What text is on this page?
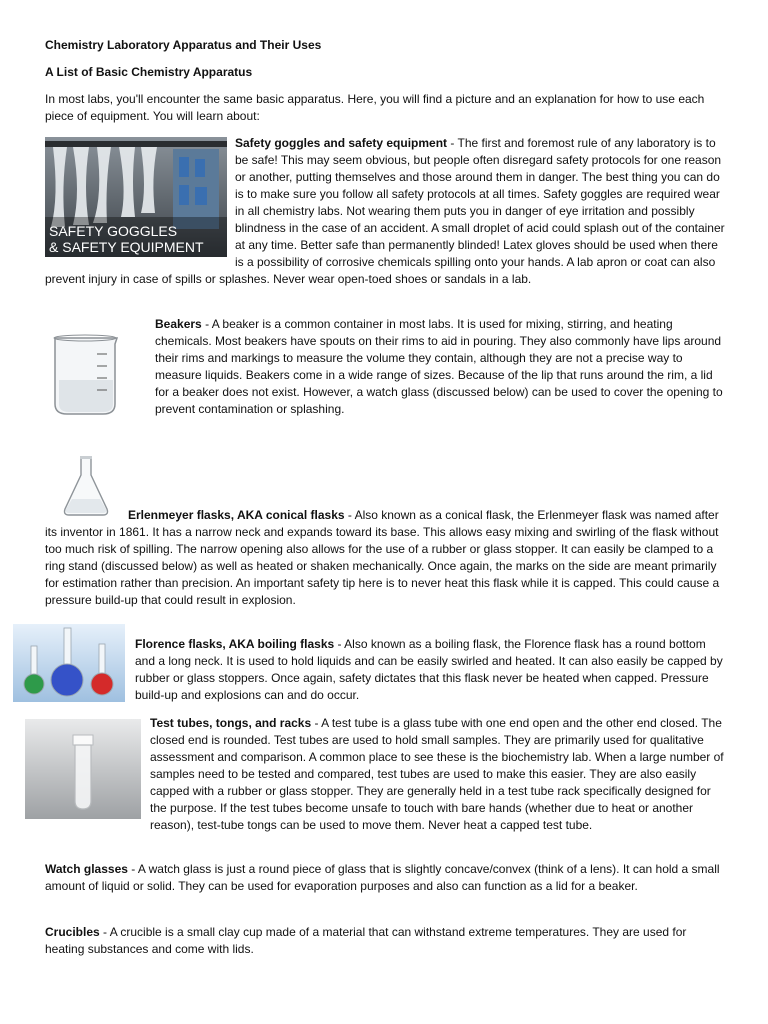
Chemistry Laboratory Apparatus and Their Uses

A List of Basic Chemistry Apparatus

In most labs, you'll encounter the same basic apparatus. Here, you will find a picture and an explanation for how to use each piece of equipment. You will learn about:

SAFETY GOGGLES
& SAFETY EQUIPMENT

Safety goggles and safety equipment - The first and foremost rule of any laboratory is to be safe! This may seem obvious, but people often disregard safety protocols for one reason or another, putting themselves and those around them in danger. The best thing you can do is to make sure you follow all safety protocols at all times. Safety goggles are required wear in all chemistry labs. Not wearing them puts you in danger of eye irritation and possibly blindness in the case of an accident. A small droplet of acid could splash out of the container at any time. Better safe than permanently blinded! Latex gloves should be used when there is a possibility of corrosive chemicals spilling onto your hands. A lab apron or coat can also prevent injury in case of spills or splashes. Never wear open-toed shoes or sandals in a lab.

Beakers
- A beaker is a common container in most labs. It is used for mixing, stirring, and heating chemicals. Most beakers have spouts on their rims to aid in pouring. They also commonly have lips around their rims and markings to measure the volume they contain, although they are not a precise way to measure liquids. Beakers come in a wide range of sizes. Because of the lip that runs around the rim, a lid for a beaker does not exist. However, a watch glass (discussed below) can be used to cover the opening to prevent contamination or splashing.

Erlenmeyer flasks, AKA conical flasks - Also known as a conical flask, the Erlenmeyer flask was named after its inventor in 1861. It has a narrow neck and expands toward its base. This allows easy mixing and swirling of the flask without too much risk of spilling. The narrow opening also allows for the use of a rubber or glass stopper. It can easily be clamped to a ring stand (discussed below) as well as heated or shaken mechanically. Once again, the marks on the side are meant primarily for estimation rather than precision. An important safety tip here is to never heat this flask while it is capped. This could cause a pressure build-up that could result in explosion.

Florence flasks, AKA boiling flasks - Also known as a boiling flask, the Florence flask has a round bottom and a long neck. It is used to hold liquids and can be easily swirled and heated. It can also easily be capped by rubber or glass stoppers. Once again, safety dictates that this flask never be heated when capped. Pressure build-up and explosions can and do occur.

Test tubes, tongs, and racks - A test tube is a glass tube with one end open and the other end closed. The closed end is rounded. Test tubes are used to hold small samples. They are primarily used for qualitative assessment and comparison. A common place to see these is the biochemistry lab. When a large number of samples need to be tested and compared, test tubes are used to make this easier. They are also easily capped with a rubber or glass stopper. They are generally held in a test tube rack specifically designed for the purpose. If the test tubes become unsafe to touch with bare hands (whether due to heat or another reason), test-tube tongs can be used to move them. Never heat a capped test tube.

Watch glasses - A watch glass is just a round piece of glass that is slightly concave/convex (think of a lens). It can hold a small amount of liquid or solid. They can be used for evaporation purposes and also can function as a lid for a beaker.

Crucibles - A crucible is a small clay cup made of a material that can withstand extreme temperatures. They are used for heating substances and come with lids.
